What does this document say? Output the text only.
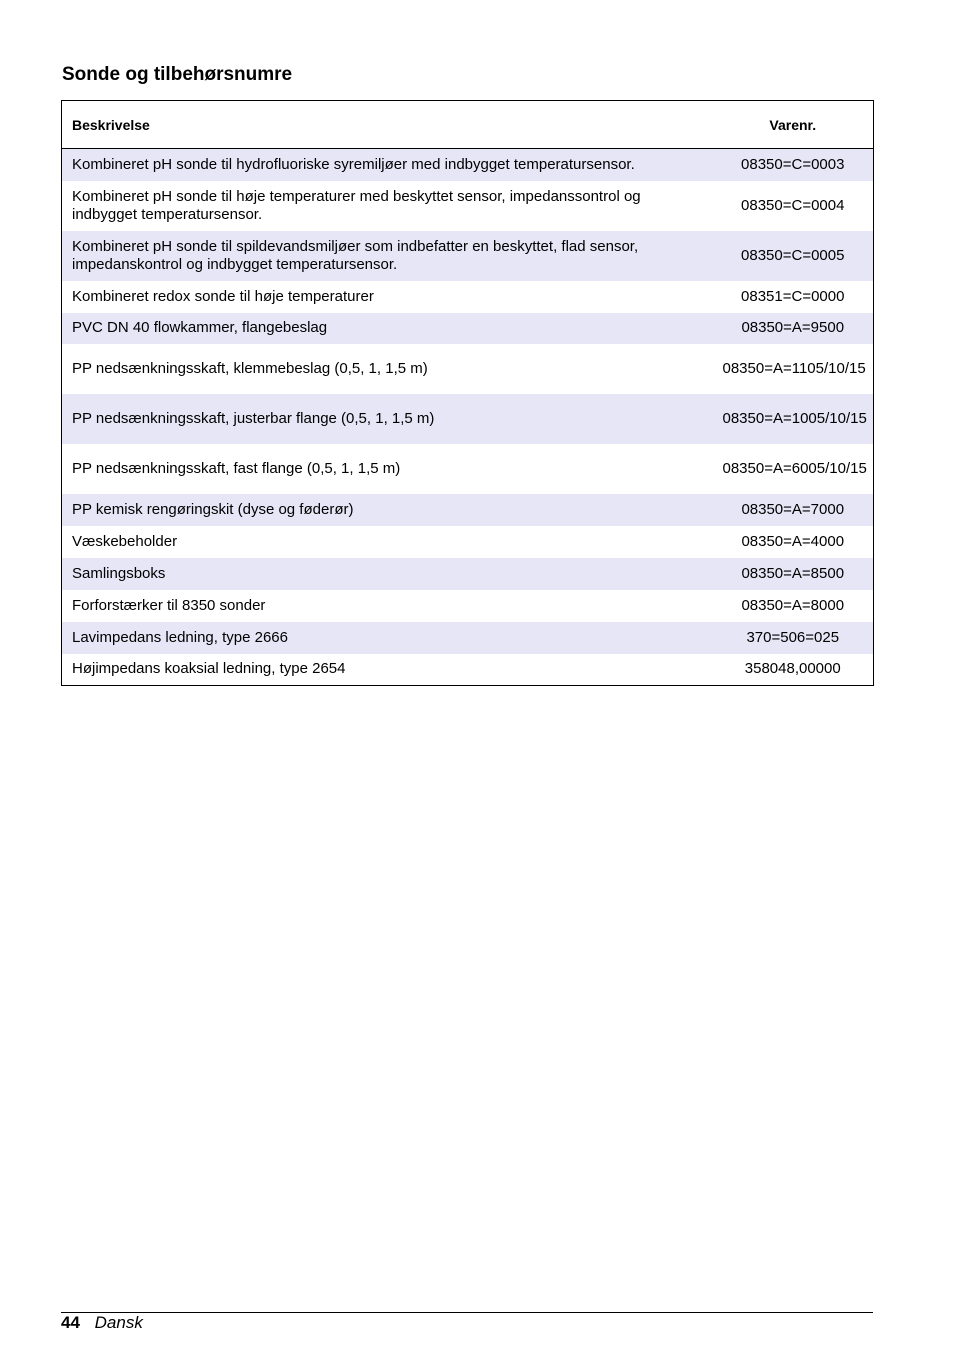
Sonde og tilbehørsnumre
Beskrivelse	Varenr.
Kombineret pH sonde til hydrofluoriske syremiljøer med indbygget temperatursensor.	08350=C=0003
Kombineret pH sonde til høje temperaturer med beskyttet sensor, impedanssontrol og indbygget temperatursensor.	08350=C=0004
Kombineret pH sonde til spildevandsmiljøer som indbefatter en beskyttet, flad sensor, impedanskontrol og indbygget temperatursensor.	08350=C=0005
Kombineret redox sonde til høje temperaturer	08351=C=0000
PVC DN 40 flowkammer, flangebeslag	08350=A=9500
PP nedsænkningsskaft, klemmebeslag (0,5, 1, 1,5 m)	08350=A=1105/10/15
PP nedsænkningsskaft, justerbar flange (0,5, 1, 1,5 m)	08350=A=1005/10/15
PP nedsænkningsskaft, fast flange (0,5, 1, 1,5 m)	08350=A=6005/10/15
PP kemisk rengøringskit (dyse og føderør)	08350=A=7000
Væskebeholder	08350=A=4000
Samlingsboks	08350=A=8500
Forforstærker til 8350 sonder	08350=A=8000
Lavimpedans ledning, type 2666	370=506=025
Højimpedans koaksial ledning, type 2654	358048,00000
44 Dansk
